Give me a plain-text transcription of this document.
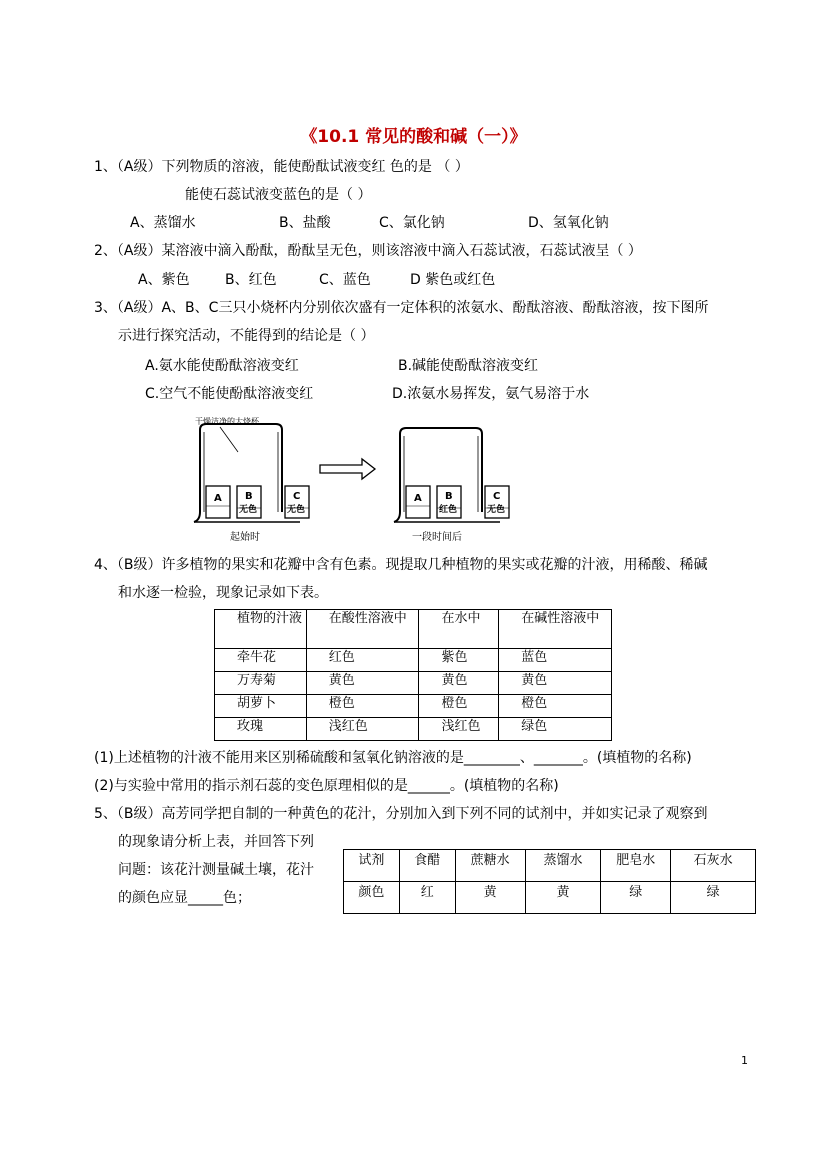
《10.1 常见的酸和碱（一）》
1、（A级）下列物质的溶液，能使酚酞试液变红 色的是 （ ）
能使石蕊试液变蓝色的是（ ）
A、蒸馏水	B、盐酸	C、氯化钠	D、氢氧化钠
2、（A级）某溶液中滴入酚酞，酚酞呈无色，则该溶液中滴入石蕊试液，石蕊试液呈（ ）
A、紫色	B、红色	C、蓝色	D 紫色或红色
3、（A级）A、B、C三只小烧杯内分别依次盛有一定体积的浓氨水、酚酞溶液、酚酞溶液，按下图所
示进行探究活动，不能得到的结论是（ ）
A.氨水能使酚酞溶液变红	B.碱能使酚酞溶液变红
C.空气不能使酚酞溶液变红	D.浓氨水易挥发，氨气易溶于水
干燥洁净的大烧杯
A B
无色
C
无色
起始时
A B
红色
C
无色
一段时间后
4、（B级）许多植物的果实和花瓣中含有色素。现提取几种植物的果实或花瓣的汁液，用稀酸、稀碱
和水逐一检验，现象记录如下表。
植物的汁液	在酸性溶液中	在水中	在碱性溶液中
牵牛花	红色	紫色	蓝色
万寿菊	黄色	黄色	黄色
胡萝卜	橙色	橙色	橙色
玫瑰	浅红色	浅红色	绿色
(1)上述植物的汁液不能用来区别稀硫酸和氢氧化钠溶液的是________、_______。(填植物的名称)
(2)与实验中常用的指示剂石蕊的变色原理相似的是______。(填植物的名称)
5、（B级）高芳同学把自制的一种黄色的花汁，分别加入到下列不同的试剂中，并如实记录了观察到
的现象请分析上表，并回答下列
问题：该花汁测量碱土壤，花汁
的颜色应显_____色；
试剂	食醋	蔗糖水	蒸馏水	肥皂水	石灰水
颜色	红	黄	黄	绿	绿
1
